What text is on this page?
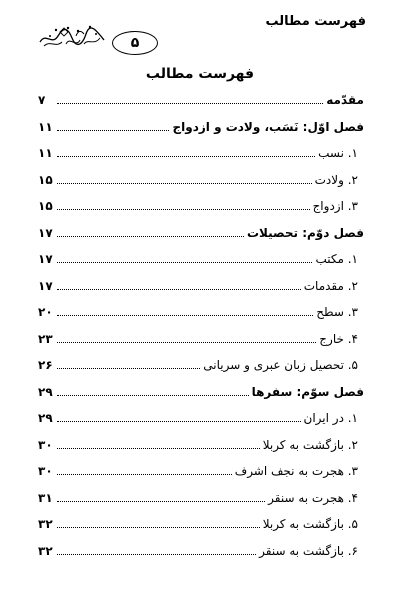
فهرست مطالب
۵
فهرست مطالب
مقدّمه
۷
فصل اوّل: نَسَب، ولادت و ازدواج
۱۱
۱. نسب
۱۱
۲. ولادت
۱۵
۳. ازدواج
۱۵
فصل دوّم: تحصیلات
۱۷
۱. مکتب
۱۷
۲. مقدمات
۱۷
۳. سطح
۲۰
۴. خارج
۲۳
۵. تحصیل زبان عبری و سریانی
۲۶
فصل سوّم: سفرها
۲۹
۱. در ایران
۲۹
۲. بازگشت به کربلا
۳۰
۳. هجرت به نجف اشرف
۳۰
۴. هجرت به سنقر
۳۱
۵. بازگشت به کربلا
۳۲
۶. بازگشت به سنقر
۳۲
